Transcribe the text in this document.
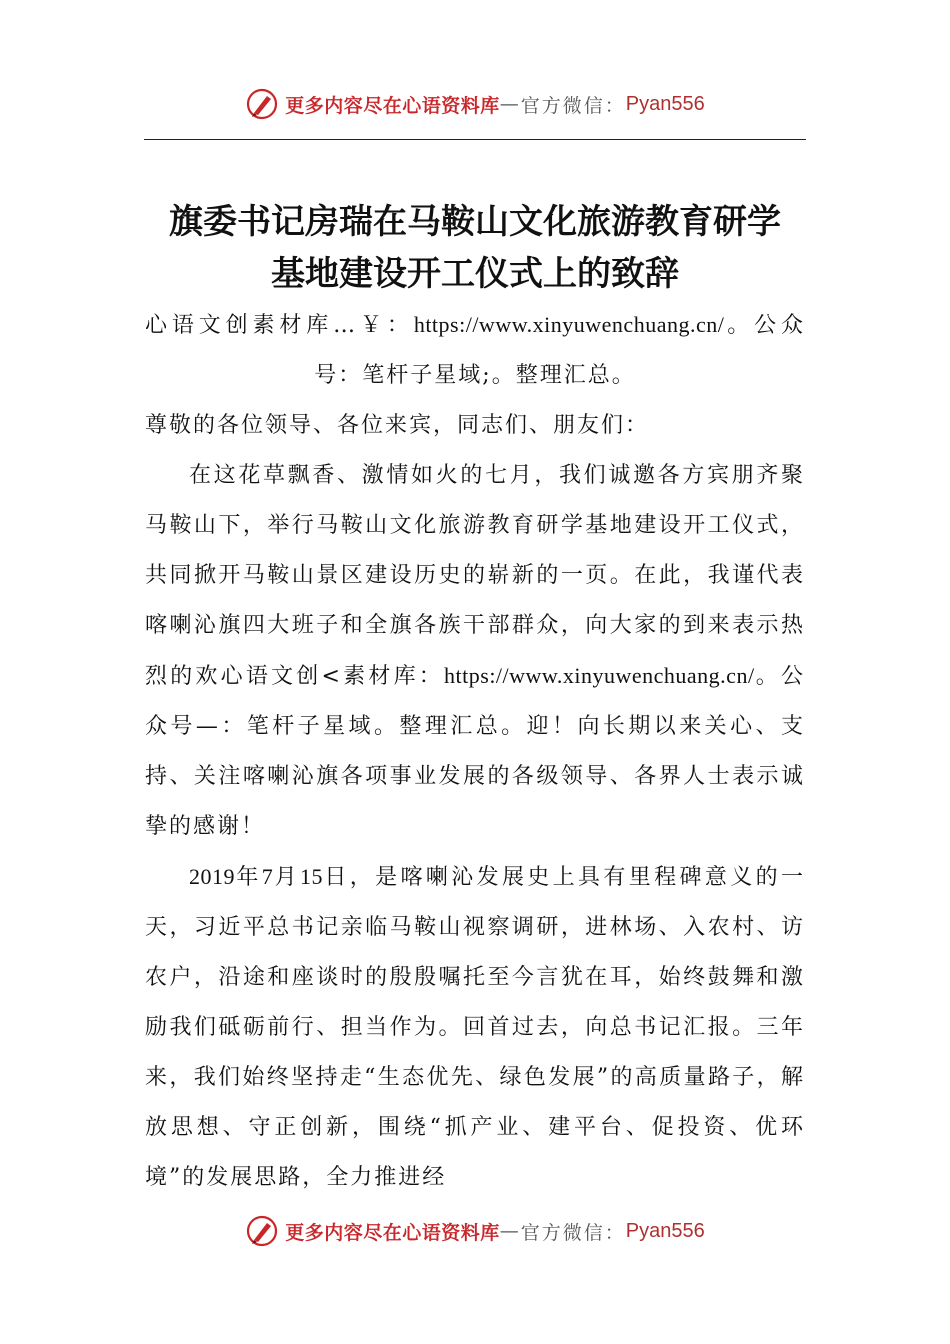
更多内容尽在心语资料库 — 官方微信： Pyan556
旗委书记房瑞在马鞍山文化旅游教育研学
基地建设开工仪式上的致辞
心语文创素材库…￥：https://www.xinyuwenchuang.cn/。公众号：笔杆子星域;。整理汇总。
尊敬的各位领导、各位来宾，同志们、朋友们：

在这花草飘香、激情如火的七月，我们诚邀各方宾朋齐聚马鞍山下，举行马鞍山文化旅游教育研学基地建设开工仪式，共同掀开马鞍山景区建设历史的崭新的一页。在此，我谨代表喀喇沁旗四大班子和全旗各族干部群众，向大家的到来表示热烈的欢心语文创<素材库：https://www.xinyuwenchuang.cn/。公众号—：笔杆子星域。整理汇总。迎！向长期以来关心、支持、关注喀喇沁旗各项事业发展的各级领导、各界人士表示诚挚的感谢！

2019年7月15日，是喀喇沁发展史上具有里程碑意义的一天，习近平总书记亲临马鞍山视察调研，进林场、入农村、访农户，沿途和座谈时的殷殷嘱托至今言犹在耳，始终鼓舞和激励我们砥砺前行、担当作为。回首过去，向总书记汇报。三年来，我们始终坚持走“生态优先、绿色发展”的高质量路子，解放思想、守正创新，围绕“抓产业、建平台、促投资、优环境”的发展思路，全力推进经

更多内容尽在心语资料库 — 官方微信： Pyan556
